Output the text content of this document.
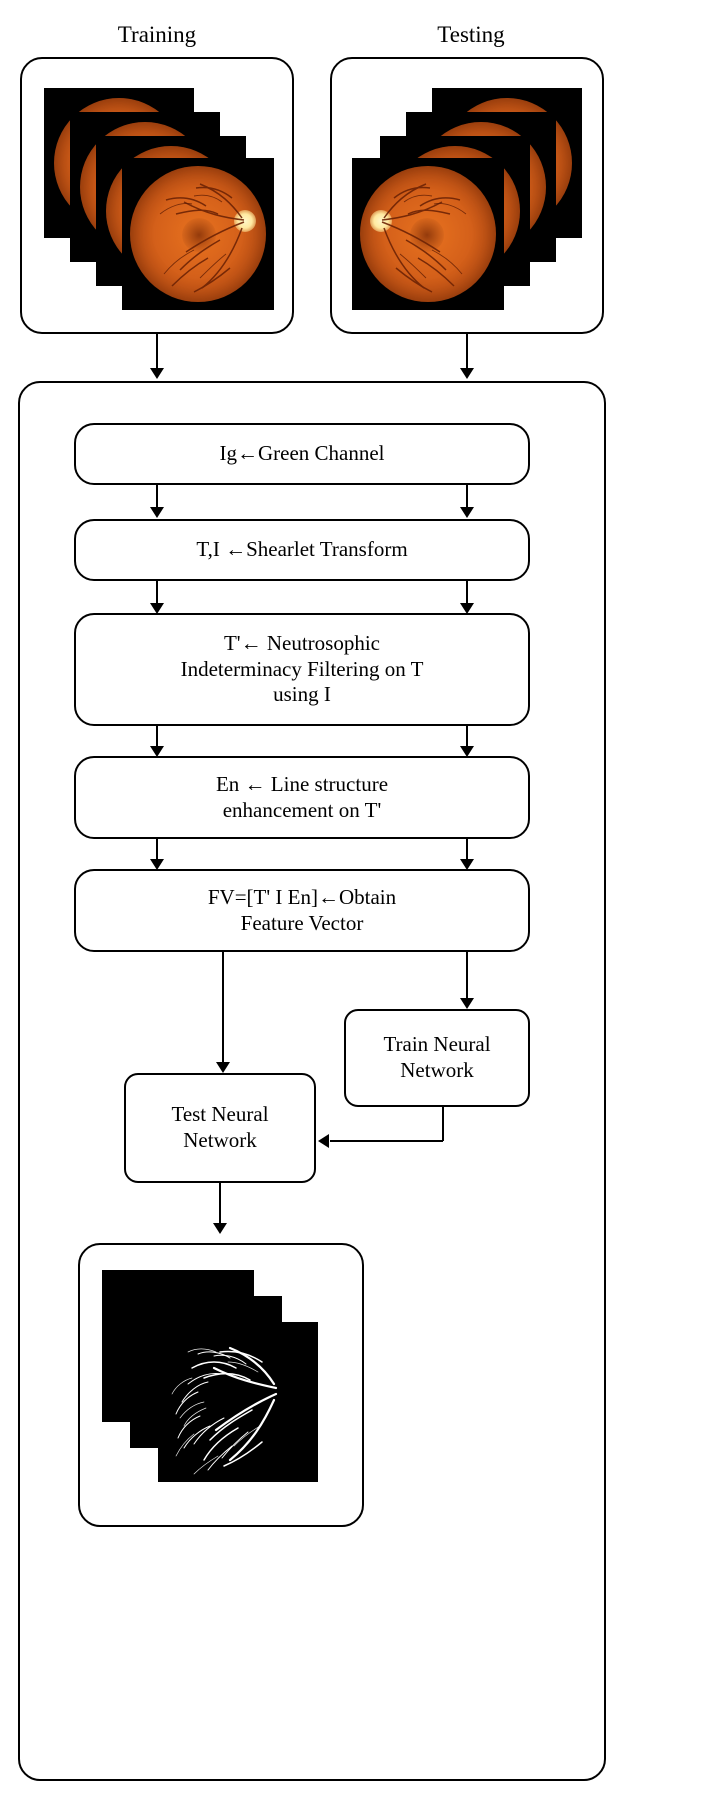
Training	Testing
Ig←Green Channel
T,I ←Shearlet Transform
T'← Neutrosophic
Indeterminacy Filtering on T
using I
En ← Line structure
enhancement on T'
FV=[T' I En]←Obtain
Feature Vector
Train Neural
Network
Test Neural
Network
